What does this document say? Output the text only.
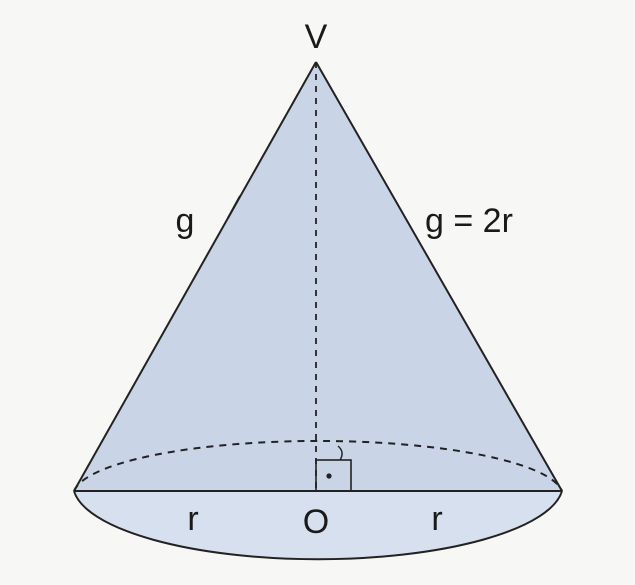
V
g	g = 2r
r	O	r
